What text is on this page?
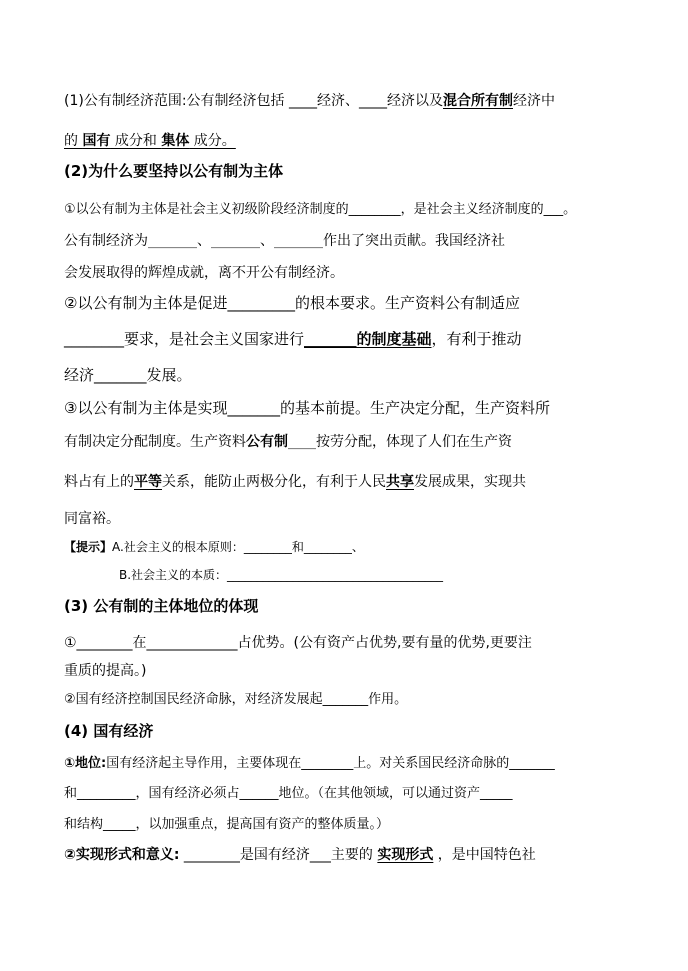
(1)公有制经济范围:公有制经济包括 ____经济、____经济以及混合所有制经济中
的 国有 成分和 集体 成分。
(2)为什么要坚持以公有制为主体
①以公有制为主体是社会主义初级阶段经济制度的________，是社会主义经济制度的___。
公有制经济为_______、_______、_______作出了突出贡献。我国经济社
会发展取得的辉煌成就，离不开公有制经济。
②以公有制为主体是促进_________的根本要求。生产资料公有制适应
________要求，是社会主义国家进行_______的制度基础，有利于推动
经济_______发展。
③以公有制为主体是实现_______的基本前提。生产决定分配，生产资料所
有制决定分配制度。生产资料公有制____按劳分配，体现了人们在生产资
料占有上的平等关系，能防止两极分化，有利于人民共享发展成果，实现共
同富裕。
【提示】A.社会主义的根本原则：________和________、
B.社会主义的本质：____________________________________
(3) 公有制的主体地位的体现
①________在_____________占优势。(公有资产占优势,要有量的优势,更要注
重质的提高。)
②国有经济控制国民经济命脉，对经济发展起_______作用。
(4) 国有经济
①地位:国有经济起主导作用，主要体现在________上。对关系国民经济命脉的_______
和_________，国有经济必须占______地位。（在其他领域，可以通过资产_____
和结构_____，以加强重点，提高国有资产的整体质量。）
②实现形式和意义: ________是国有经济___主要的 实现形式 ，是中国特色社
